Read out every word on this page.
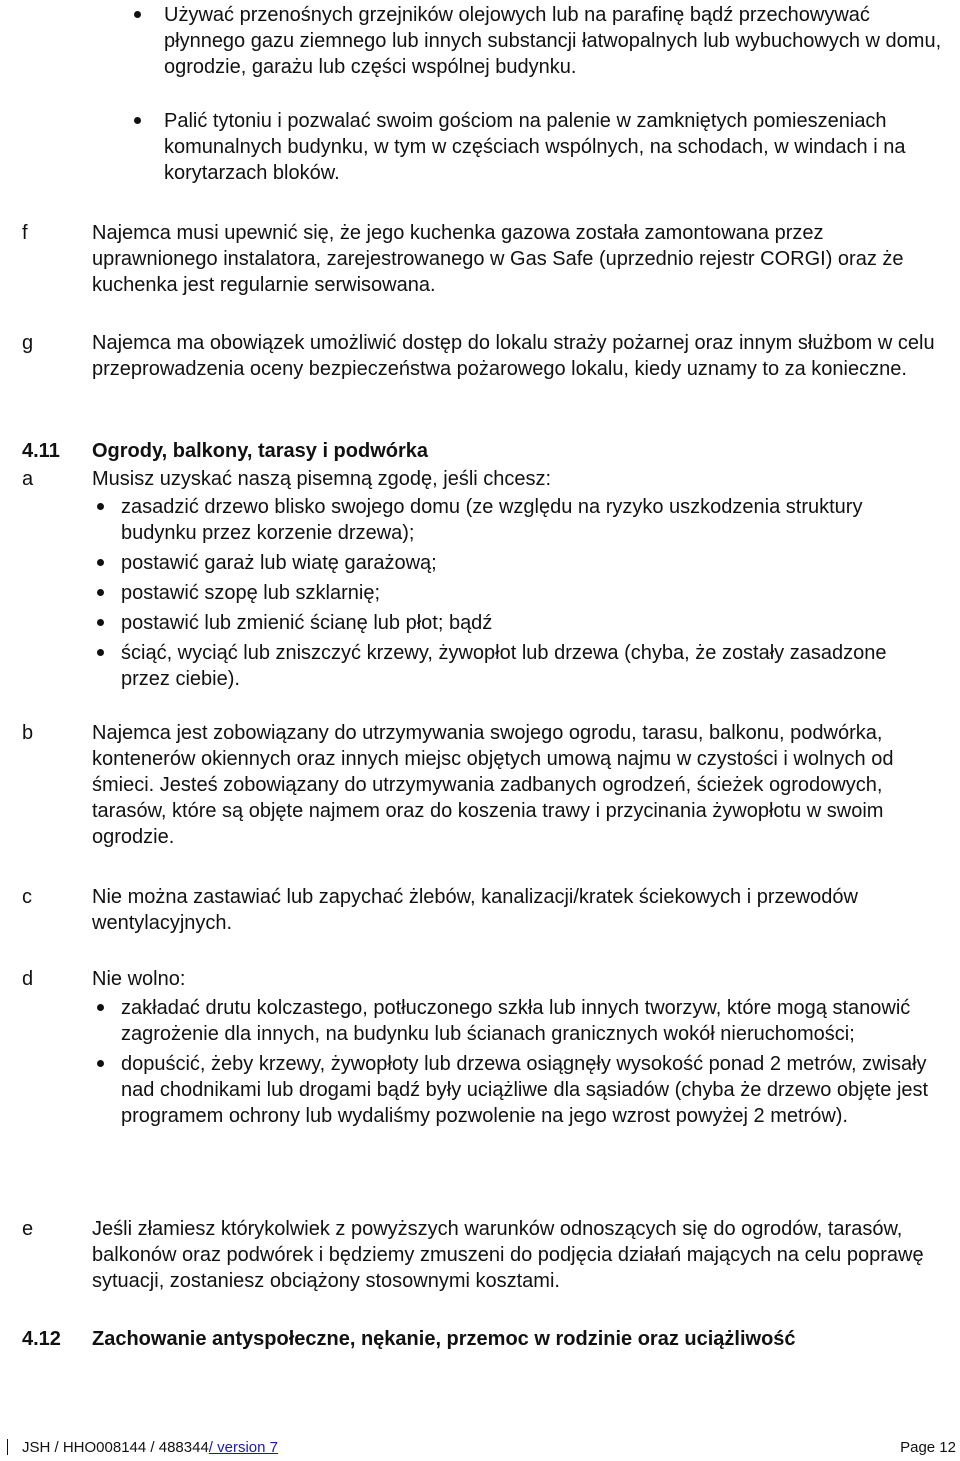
Używać przenośnych grzejników olejowych lub na parafinę bądź przechowywać płynnego gazu ziemnego lub innych substancji łatwopalnych lub wybuchowych w domu, ogrodzie, garażu lub części wspólnej budynku.
Palić tytoniu i pozwalać swoim gościom na palenie w zamkniętych pomieszeniach komunalnych budynku, w tym w częściach wspólnych, na schodach, w windach i na korytarzach bloków.
f	Najemca musi upewnić się, że jego kuchenka gazowa została zamontowana przez uprawnionego instalatora, zarejestrowanego w Gas Safe (uprzednio rejestr CORGI) oraz że kuchenka jest regularnie serwisowana.
g	Najemca ma obowiązek umożliwić dostęp do lokalu straży pożarnej oraz innym służbom w celu przeprowadzenia oceny bezpieczeństwa pożarowego lokalu, kiedy uznamy to za konieczne.
4.11 Ogrody, balkony, tarasy i podwórka
a	Musisz uzyskać naszą pisemną zgodę, jeśli chcesz:
zasadzić drzewo blisko swojego domu (ze względu na ryzyko uszkodzenia struktury budynku przez korzenie drzewa);
postawić garaż lub wiatę garażową;
postawić szopę lub szklarnię;
postawić lub zmienić ścianę lub płot; bądź
ściąć, wyciąć lub zniszczyć krzewy, żywopłot lub drzewa (chyba, że zostały zasadzone przez ciebie).
b	Najemca jest zobowiązany do utrzymywania swojego ogrodu, tarasu, balkonu, podwórka, kontenerów okiennych oraz innych miejsc objętych umową najmu w czystości i wolnych od śmieci. Jesteś zobowiązany do utrzymywania zadbanych ogrodzeń, ścieżek ogrodowych, tarasów, które są objęte najmem oraz do koszenia trawy i przycinania żywopłotu w swoim ogrodzie.
c	Nie można zastawiać lub zapychać żlebów, kanalizacji/kratek ściekowych i przewodów wentylacyjnych.
d	Nie wolno:
zakładać drutu kolczastego, potłuczonego szkła lub innych tworzyw, które mogą stanowić zagrożenie dla innych, na budynku lub ścianach granicznych wokół nieruchomości;
dopuścić, żeby krzewy, żywopłoty lub drzewa osiągnęły wysokość ponad 2 metrów, zwisały nad chodnikami lub drogami bądź były uciążliwe dla sąsiadów (chyba że drzewo objęte jest programem ochrony lub wydaliśmy pozwolenie na jego wzrost powyżej 2 metrów).
e	Jeśli złamiesz którykolwiek z powyższych warunków odnoszących się do ogrodów, tarasów, balkonów oraz podwórek i będziemy zmuszeni do podjęcia działań mających na celu poprawę sytuacji, zostaniesz obciążony stosownymi kosztami.
4.12 Zachowanie antyspołeczne, nękanie, przemoc w rodzinie oraz uciążliwość
JSH / HHO008144 / 488344/ version 7	Page 12
